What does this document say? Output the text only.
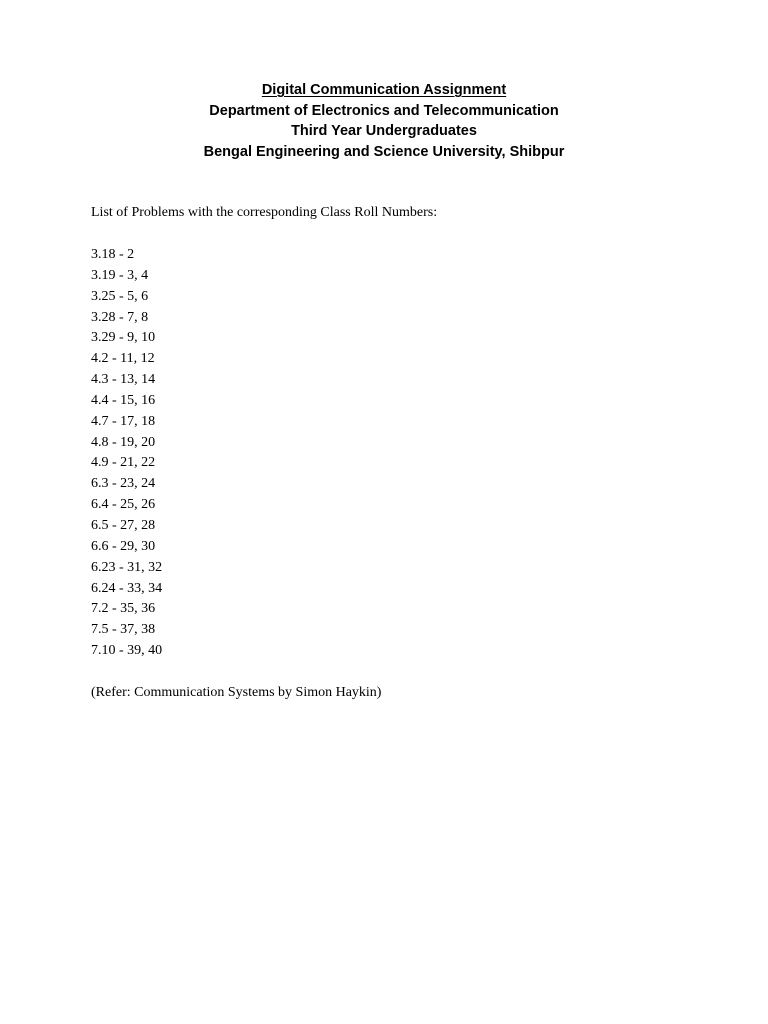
Digital Communication Assignment
Department of Electronics and Telecommunication
Third Year Undergraduates
Bengal Engineering and Science University, Shibpur
List of Problems with the corresponding Class Roll Numbers:
3.18 - 2
3.19 - 3, 4
3.25 - 5, 6
3.28 - 7, 8
3.29 - 9, 10
4.2 - 11, 12
4.3 - 13, 14
4.4 - 15, 16
4.7 - 17, 18
4.8 - 19, 20
4.9 - 21, 22
6.3 - 23, 24
6.4 - 25, 26
6.5 - 27, 28
6.6 - 29, 30
6.23 - 31, 32
6.24 - 33, 34
7.2 - 35, 36
7.5 - 37, 38
7.10 - 39, 40
(Refer: Communication Systems by Simon Haykin)
